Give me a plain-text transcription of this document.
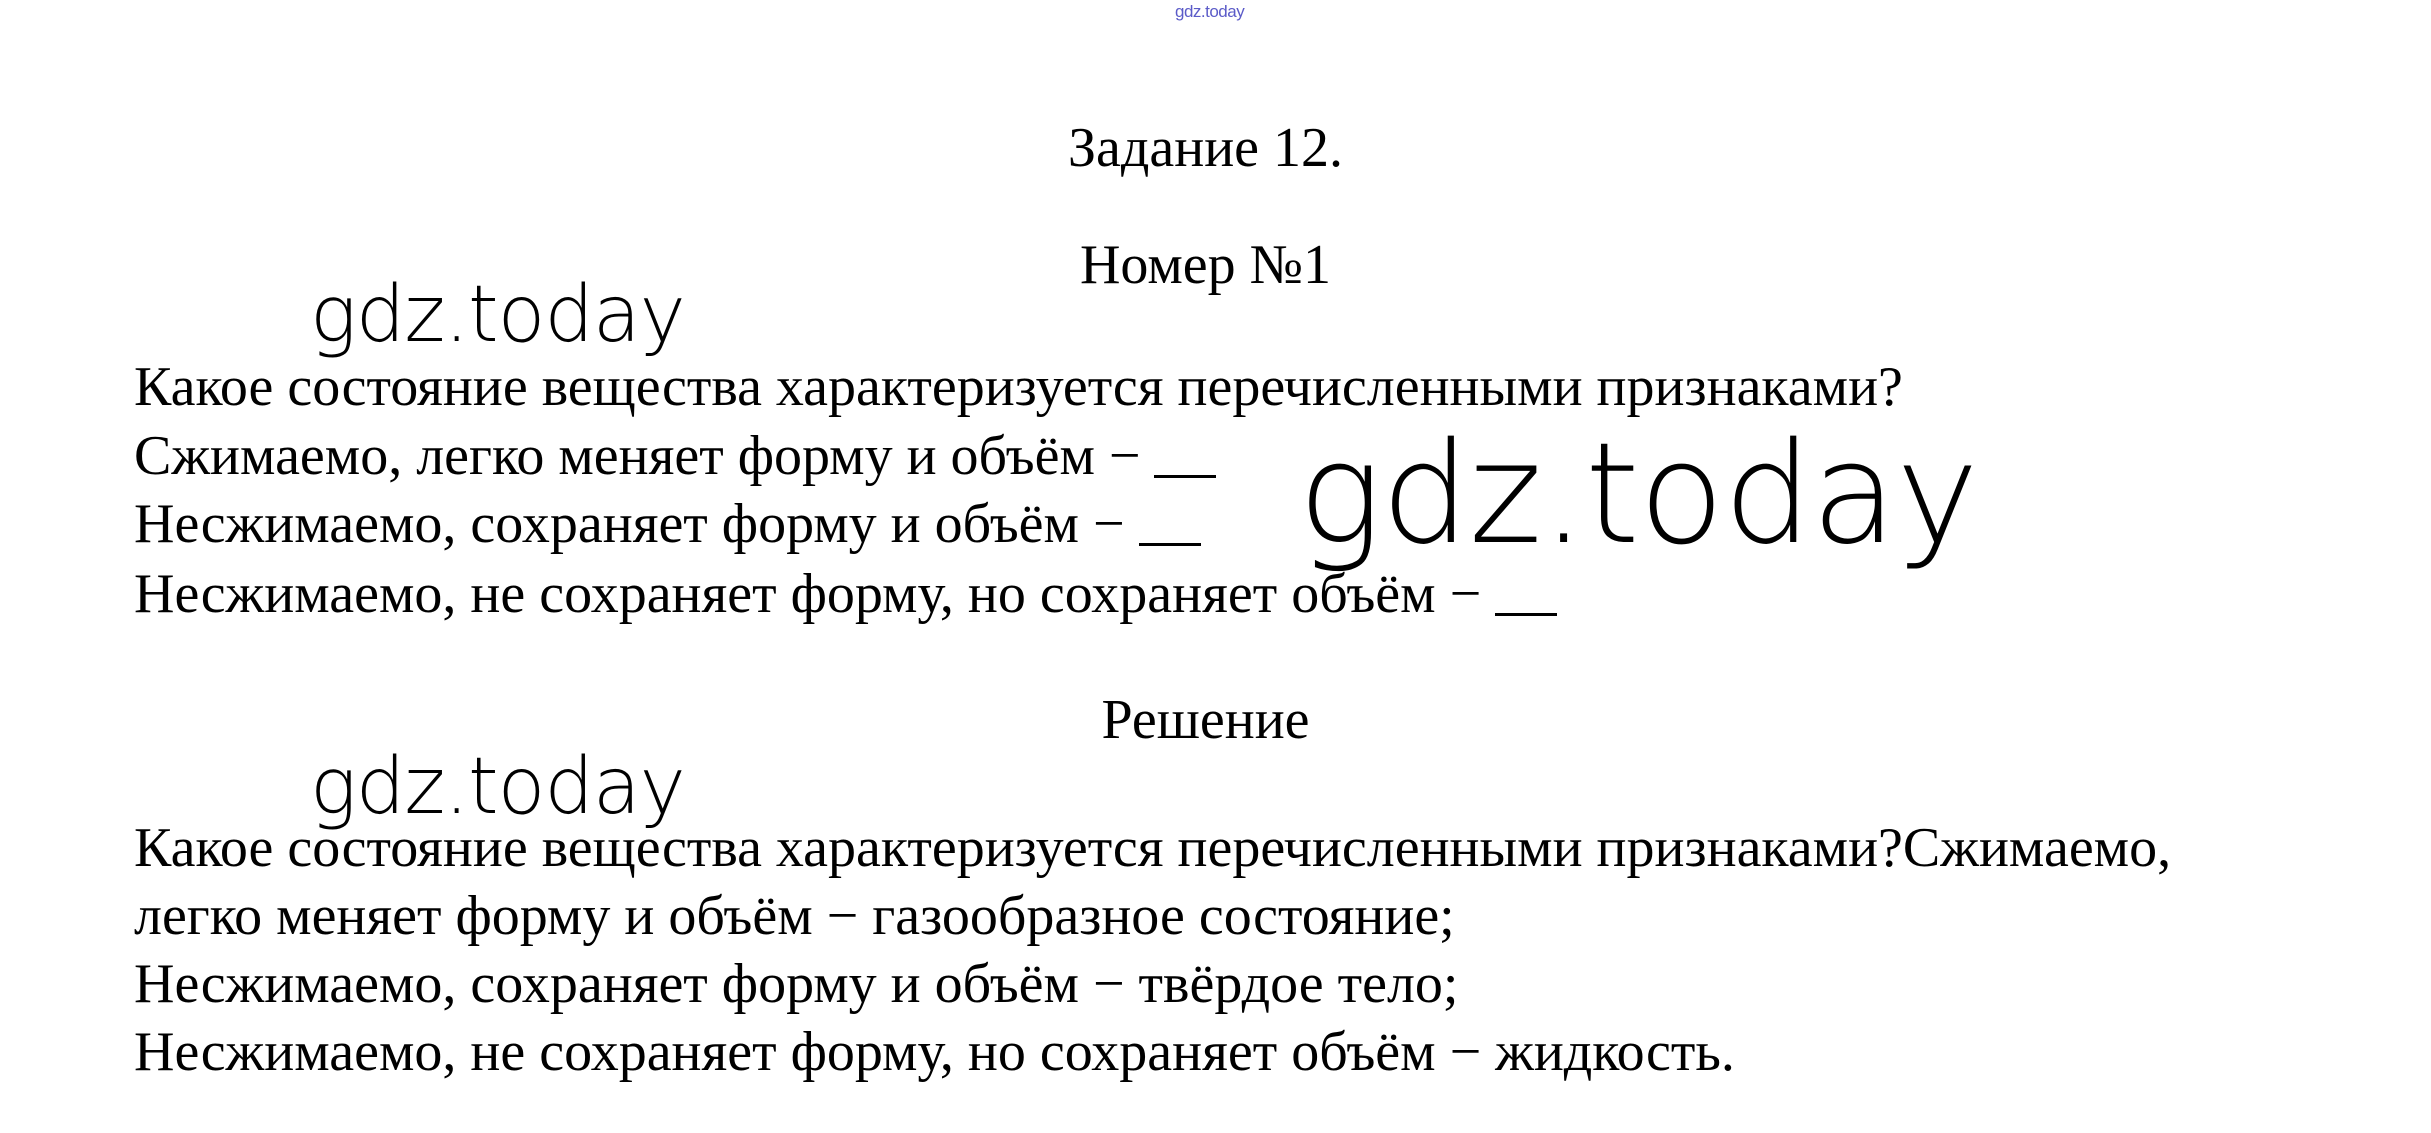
gdz.today
Задание 12.
Номер №1
gdz.today
Какое состояние вещества характеризуется перечисленными признаками?
Сжимаемо, легко меняет форму и объём −
Несжимаемо, сохраняет форму и объём −
Несжимаемо, не сохраняет форму, но сохраняет объём −
gdz.today
Решение
gdz.today
Какое состояние вещества характеризуется перечисленными признаками?Сжимаемо,
легко меняет форму и объём − газообразное состояние;
Несжимаемо, сохраняет форму и объём − твёрдое тело;
Несжимаемо, не сохраняет форму, но сохраняет объём − жидкость.
